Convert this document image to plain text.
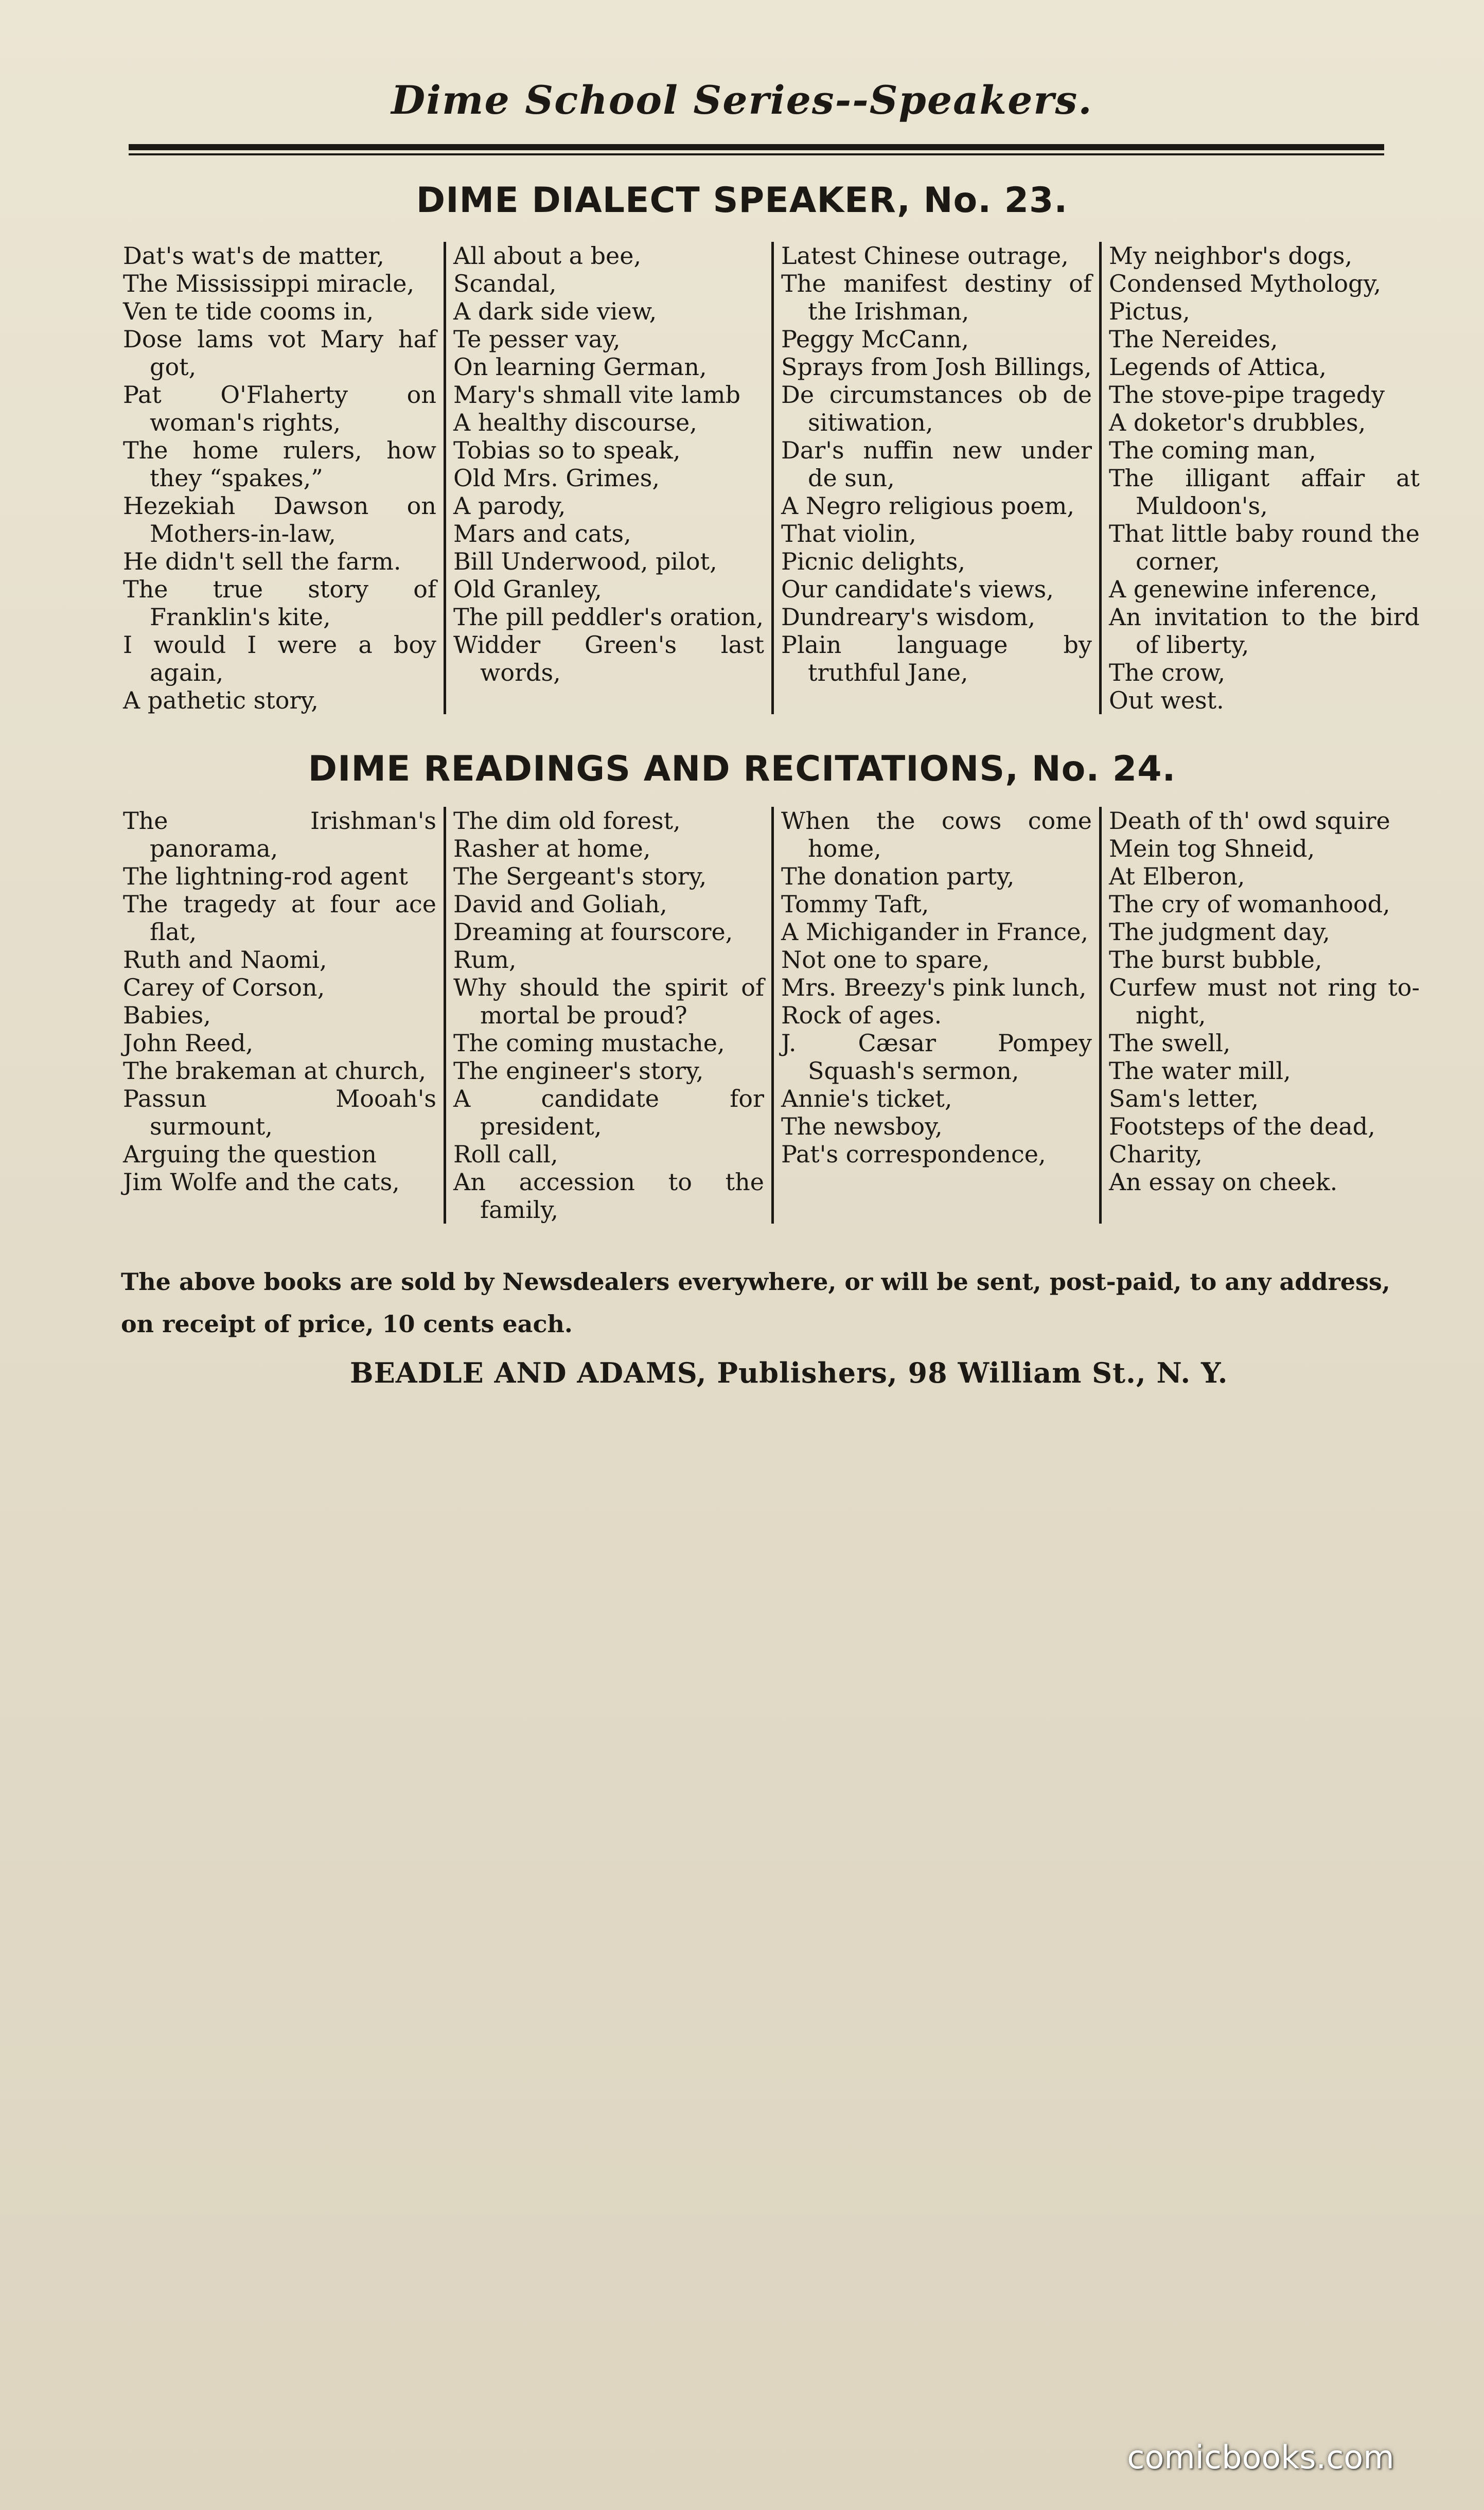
Dime School Series--Speakers.
DIME DIALECT SPEAKER, No. 23.
Dat's wat's de matter,
The Mississippi miracle,
Ven te tide cooms in,
Dose lams vot Mary haf got,
Pat O'Flaherty on woman's rights,
The home rulers, how they “spakes,”
Hezekiah Dawson on Mothers-in-law,
He didn't sell the farm.
The true story of Franklin's kite,
I would I were a boy again,
A pathetic story,
All about a bee,
Scandal,
A dark side view,
Te pesser vay,
On learning German,
Mary's shmall vite lamb
A healthy discourse,
Tobias so to speak,
Old Mrs. Grimes,
A parody,
Mars and cats,
Bill Underwood, pilot,
Old Granley,
The pill peddler's oration,
Widder Green's last words,
Latest Chinese outrage,
The manifest destiny of the Irishman,
Peggy McCann,
Sprays from Josh Billings,
De circumstances ob de sitiwation,
Dar's nuffin new under de sun,
A Negro religious poem,
That violin,
Picnic delights,
Our candidate's views,
Dundreary's wisdom,
Plain language by truthful Jane,
My neighbor's dogs,
Condensed Mythology,
Pictus,
The Nereides,
Legends of Attica,
The stove-pipe tragedy
A doketor's drubbles,
The coming man,
The illigant affair at Muldoon's,
That little baby round the corner,
A genewine inference,
An invitation to the bird of liberty,
The crow,
Out west.
DIME READINGS AND RECITATIONS, No. 24.
The Irishman's panorama,
The lightning-rod agent
The tragedy at four ace flat,
Ruth and Naomi,
Carey of Corson,
Babies,
John Reed,
The brakeman at church,
Passun Mooah's surmount,
Arguing the question
Jim Wolfe and the cats,
The dim old forest,
Rasher at home,
The Sergeant's story,
David and Goliah,
Dreaming at fourscore,
Rum,
Why should the spirit of mortal be proud?
The coming mustache,
The engineer's story,
A candidate for president,
Roll call,
An accession to the family,
When the cows come home,
The donation party,
Tommy Taft,
A Michigander in France,
Not one to spare,
Mrs. Breezy's pink lunch,
Rock of ages.
J. Cæsar Pompey Squash's sermon,
Annie's ticket,
The newsboy,
Pat's correspondence,
Death of th' owd squire
Mein tog Shneid,
At Elberon,
The cry of womanhood,
The judgment day,
The burst bubble,
Curfew must not ring to-night,
The swell,
The water mill,
Sam's letter,
Footsteps of the dead,
Charity,
An essay on cheek.
The above books are sold by Newsdealers everywhere, or will be sent, post-paid, to any address, on receipt of price, 10 cents each.
BEADLE AND ADAMS, Publishers, 98 William St., N. Y.
comicbooks.com
